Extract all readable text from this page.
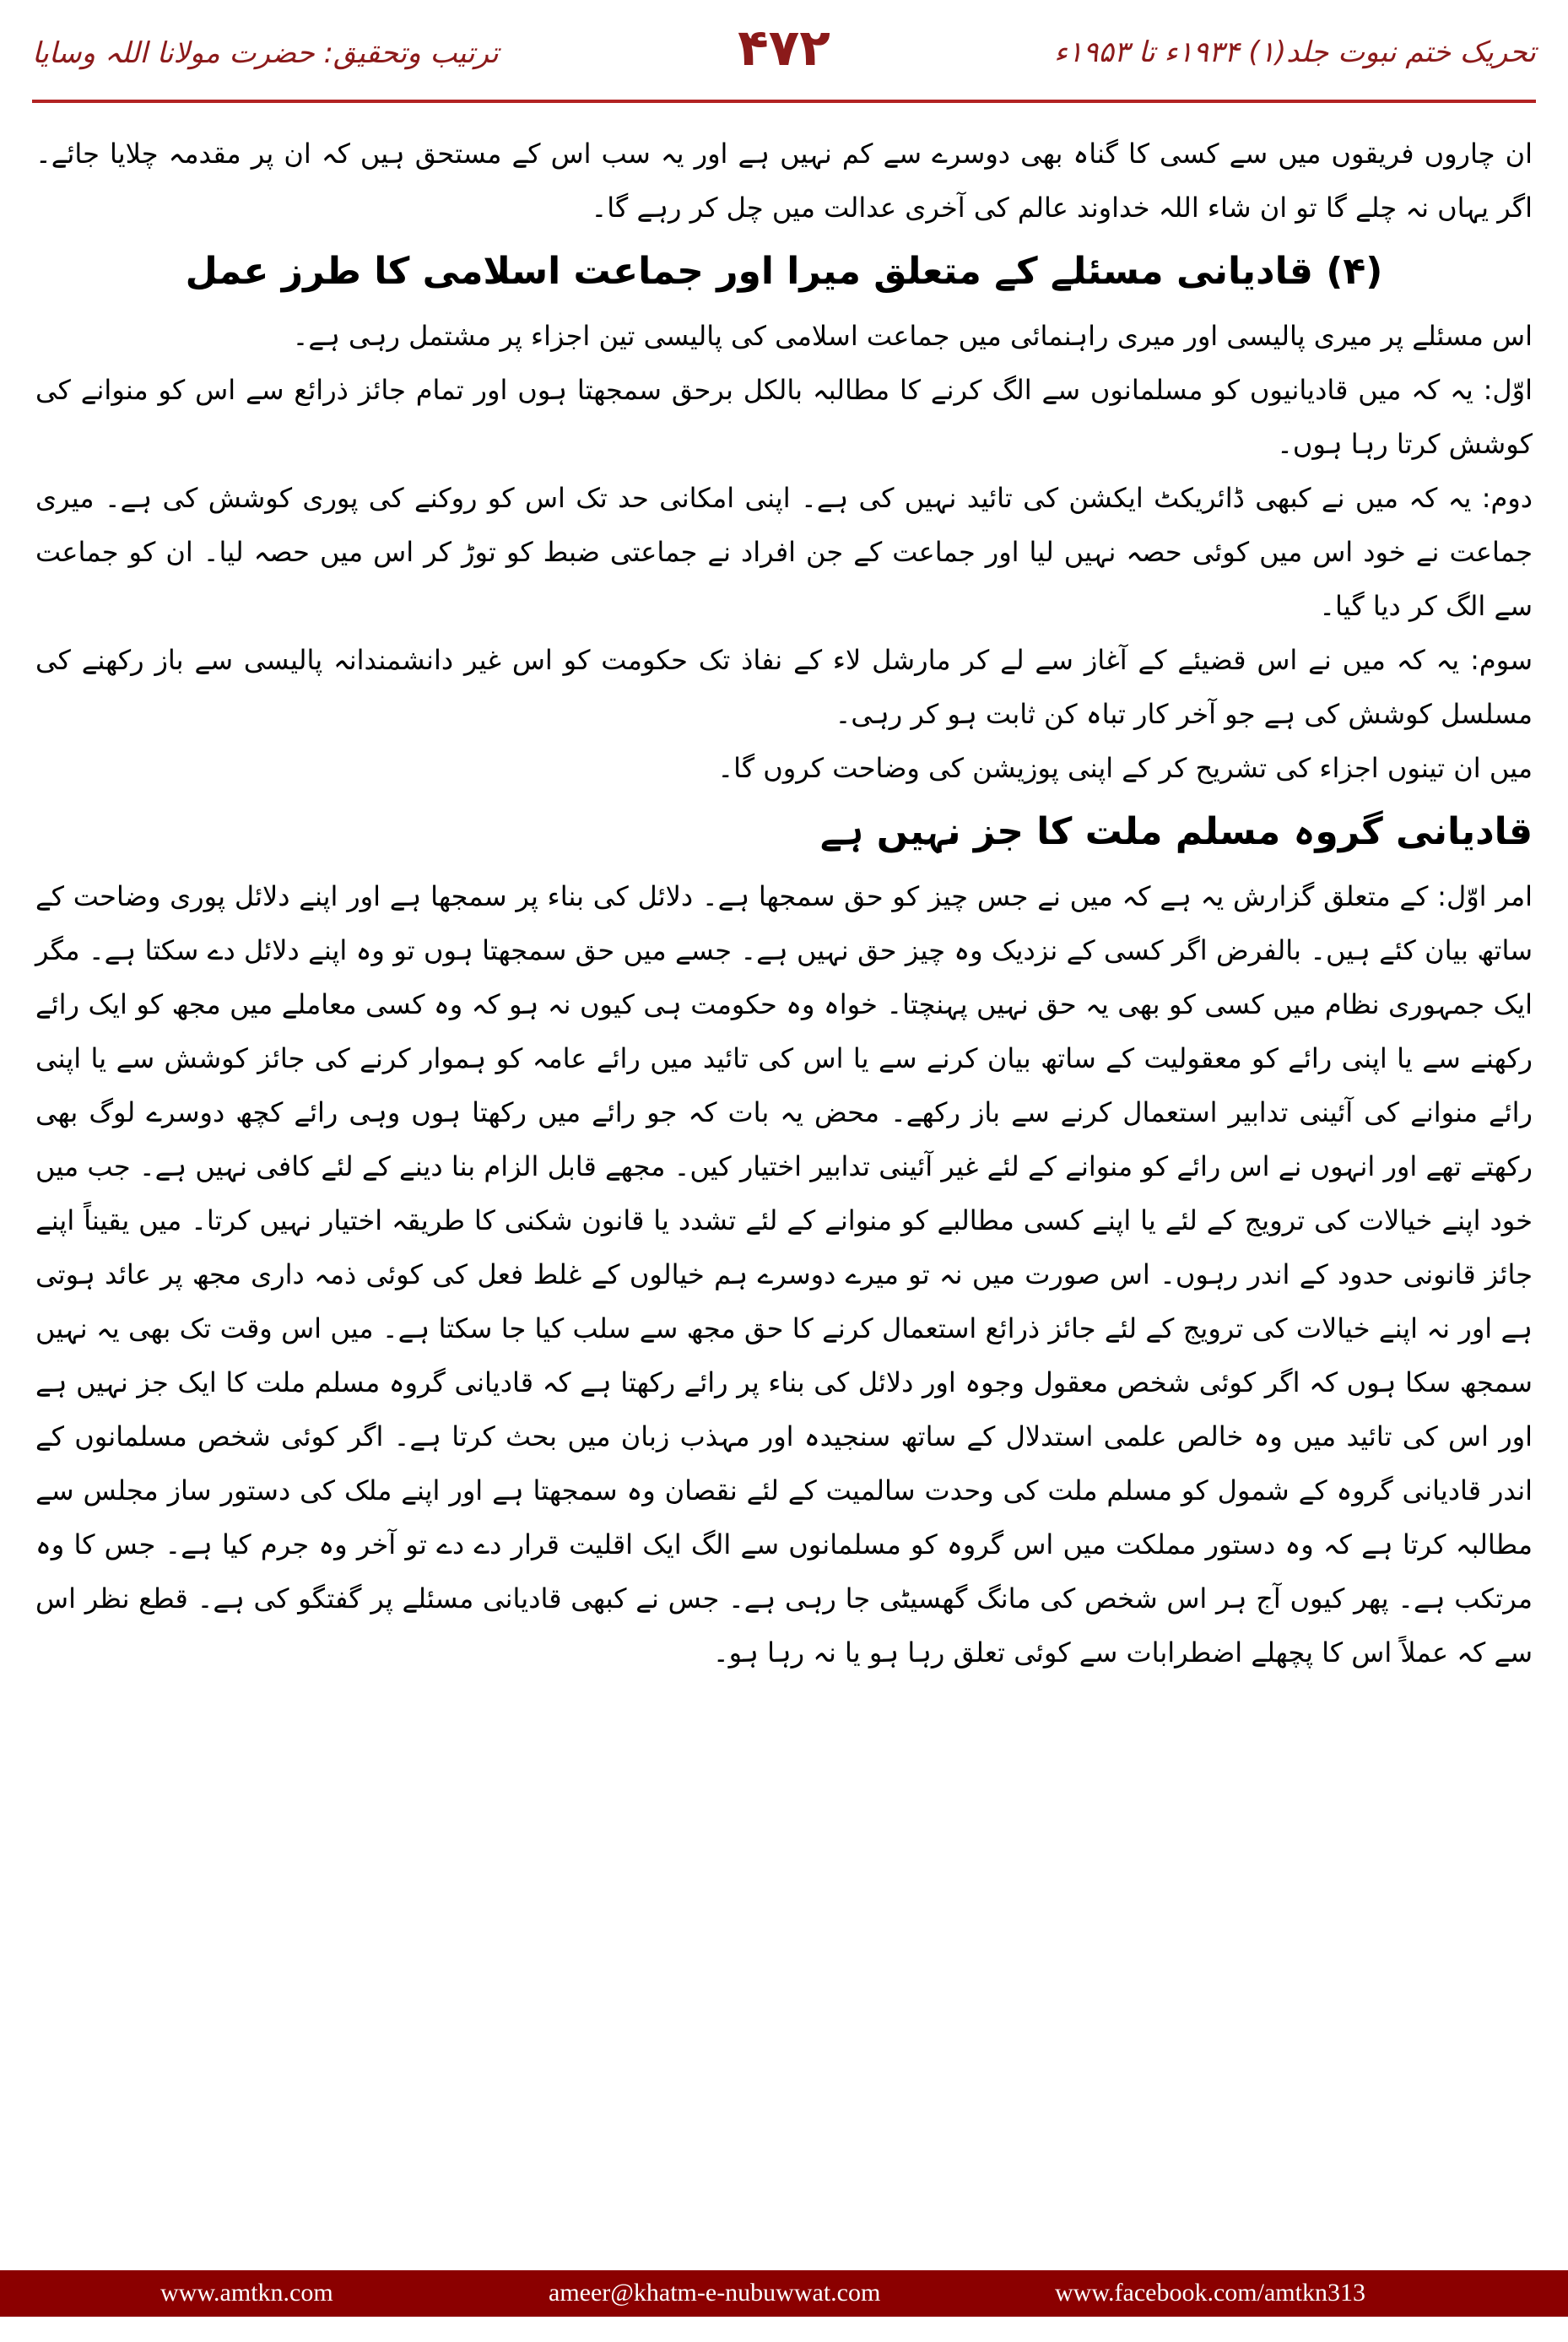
ترتیب وتحقیق: حضرت مولانا اللہ وسایا	۴۷۲	تحریک ختم نبوت جلد(۱) ۱۹۳۴ء تا ۱۹۵۳ء

ان چاروں فریقوں میں سے کسی کا گناہ بھی دوسرے سے کم نہیں ہے اور یہ سب اس کے مستحق ہیں کہ ان پر مقدمہ چلایا جائے۔ اگر یہاں نہ چلے گا تو ان شاء اللہ خداوند عالم کی آخری عدالت میں چل کر رہے گا۔

(۴) قادیانی مسئلے کے متعلق میرا اور جماعت اسلامی کا طرز عمل

اس مسئلے پر میری پالیسی اور میری راہنمائی میں جماعت اسلامی کی پالیسی تین اجزاء پر مشتمل رہی ہے۔

اوّل: یہ کہ میں قادیانیوں کو مسلمانوں سے الگ کرنے کا مطالبہ بالکل برحق سمجھتا ہوں اور تمام جائز ذرائع سے اس کو منوانے کی کوشش کرتا رہا ہوں۔

دوم: یہ کہ میں نے کبھی ڈائریکٹ ایکشن کی تائید نہیں کی ہے۔ اپنی امکانی حد تک اس کو روکنے کی پوری کوشش کی ہے۔ میری جماعت نے خود اس میں کوئی حصہ نہیں لیا اور جماعت کے جن افراد نے جماعتی ضبط کو توڑ کر اس میں حصہ لیا۔ ان کو جماعت سے الگ کر دیا گیا۔

سوم: یہ کہ میں نے اس قضیئے کے آغاز سے لے کر مارشل لاء کے نفاذ تک حکومت کو اس غیر دانشمندانہ پالیسی سے باز رکھنے کی مسلسل کوشش کی ہے جو آخر کار تباہ کن ثابت ہو کر رہی۔

میں ان تینوں اجزاء کی تشریح کر کے اپنی پوزیشن کی وضاحت کروں گا۔

قادیانی گروہ مسلم ملت کا جز نہیں ہے

امر اوّل: کے متعلق گزارش یہ ہے کہ میں نے جس چیز کو حق سمجھا ہے۔ دلائل کی بناء پر سمجھا ہے اور اپنے دلائل پوری وضاحت کے ساتھ بیان کئے ہیں۔ بالفرض اگر کسی کے نزدیک وہ چیز حق نہیں ہے۔ جسے میں حق سمجھتا ہوں تو وہ اپنے دلائل دے سکتا ہے۔ مگر ایک جمہوری نظام میں کسی کو بھی یہ حق نہیں پہنچتا۔ خواہ وہ حکومت ہی کیوں نہ ہو کہ وہ کسی معاملے میں مجھ کو ایک رائے رکھنے سے یا اپنی رائے کو معقولیت کے ساتھ بیان کرنے سے یا اس کی تائید میں رائے عامہ کو ہموار کرنے کی جائز کوشش سے یا اپنی رائے منوانے کی آئینی تدابیر استعمال کرنے سے باز رکھے۔ محض یہ بات کہ جو رائے میں رکھتا ہوں وہی رائے کچھ دوسرے لوگ بھی رکھتے تھے اور انہوں نے اس رائے کو منوانے کے لئے غیر آئینی تدابیر اختیار کیں۔ مجھے قابل الزام بنا دینے کے لئے کافی نہیں ہے۔ جب میں خود اپنے خیالات کی ترویج کے لئے یا اپنے کسی مطالبے کو منوانے کے لئے تشدد یا قانون شکنی کا طریقہ اختیار نہیں کرتا۔ میں یقیناً اپنے جائز قانونی حدود کے اندر رہوں۔ اس صورت میں نہ تو میرے دوسرے ہم خیالوں کے غلط فعل کی کوئی ذمہ داری مجھ پر عائد ہوتی ہے اور نہ اپنے خیالات کی ترویج کے لئے جائز ذرائع استعمال کرنے کا حق مجھ سے سلب کیا جا سکتا ہے۔ میں اس وقت تک بھی یہ نہیں سمجھ سکا ہوں کہ اگر کوئی شخص معقول وجوہ اور دلائل کی بناء پر رائے رکھتا ہے کہ قادیانی گروہ مسلم ملت کا ایک جز نہیں ہے اور اس کی تائید میں وہ خالص علمی استدلال کے ساتھ سنجیدہ اور مہذب زبان میں بحث کرتا ہے۔ اگر کوئی شخص مسلمانوں کے اندر قادیانی گروہ کے شمول کو مسلم ملت کی وحدت سالمیت کے لئے نقصان وہ سمجھتا ہے اور اپنے ملک کی دستور ساز مجلس سے مطالبہ کرتا ہے کہ وہ دستور مملکت میں اس گروہ کو مسلمانوں سے الگ ایک اقلیت قرار دے دے تو آخر وہ جرم کیا ہے۔ جس کا وہ مرتکب ہے۔ پھر کیوں آج ہر اس شخص کی مانگ گھسیٹی جا رہی ہے۔ جس نے کبھی قادیانی مسئلے پر گفتگو کی ہے۔ قطع نظر اس سے کہ عملاً اس کا پچھلے اضطرابات سے کوئی تعلق رہا ہو یا نہ رہا ہو۔

www.amtkn.com	ameer@khatm-e-nubuwwat.com	www.facebook.com/amtkn313
